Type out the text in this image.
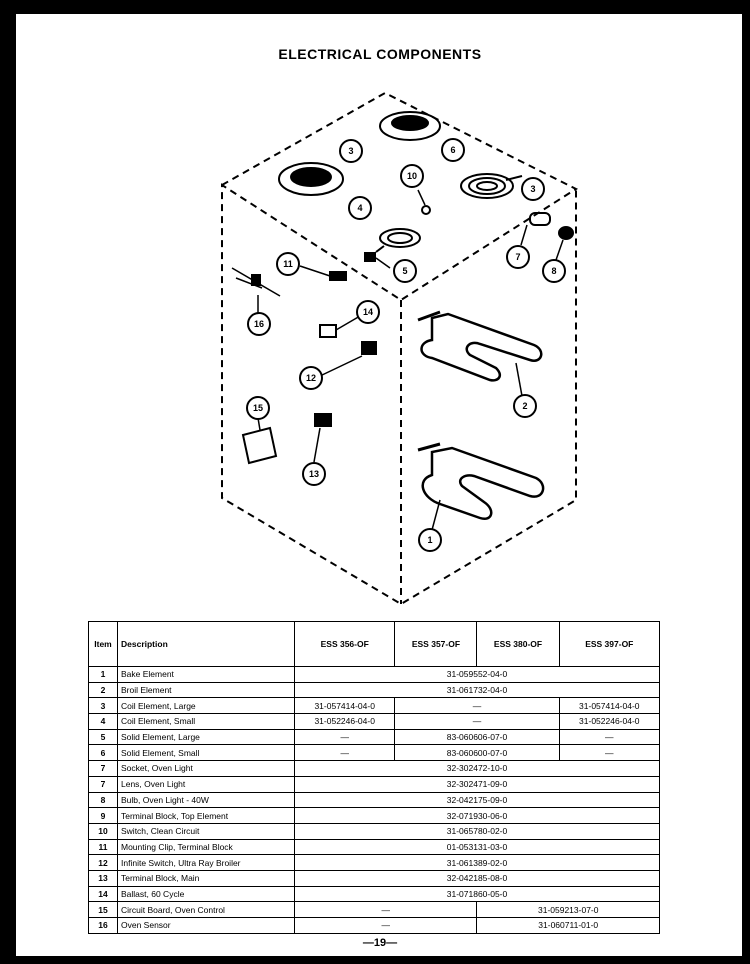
ELECTRICAL COMPONENTS
1
2
3
3
4
5
6
7
8
10
11
12
13
14
15
16
Item	Description	ESS 356-OF	ESS 357-OF	ESS 380-OF	ESS 397-OF
1	Bake Element	31-059552-04-0			
2	Broil Element	31-061732-04-0			
3	Coil Element, Large	31-057414-04-0	—		31-057414-04-0
4	Coil Element, Small	31-052246-04-0	—		31-052246-04-0
5	Solid Element, Large	—	83-060606-07-0		—
6	Solid Element, Small	—	83-060600-07-0		—
7	Socket, Oven Light	32-302472-10-0			
7	Lens, Oven Light	32-302471-09-0			
8	Bulb, Oven Light - 40W	32-042175-09-0			
9	Terminal Block, Top Element	32-071930-06-0			
10	Switch, Clean Circuit	31-065780-02-0			
11	Mounting Clip, Terminal Block	01-053131-03-0			
12	Infinite Switch, Ultra Ray Broiler	31-061389-02-0			
13	Terminal Block, Main	32-042185-08-0			
14	Ballast, 60 Cycle	31-071860-05-0			
15	Circuit Board, Oven Control	—		31-059213-07-0	
16	Oven Sensor	—		31-060711-01-0	
—19—
